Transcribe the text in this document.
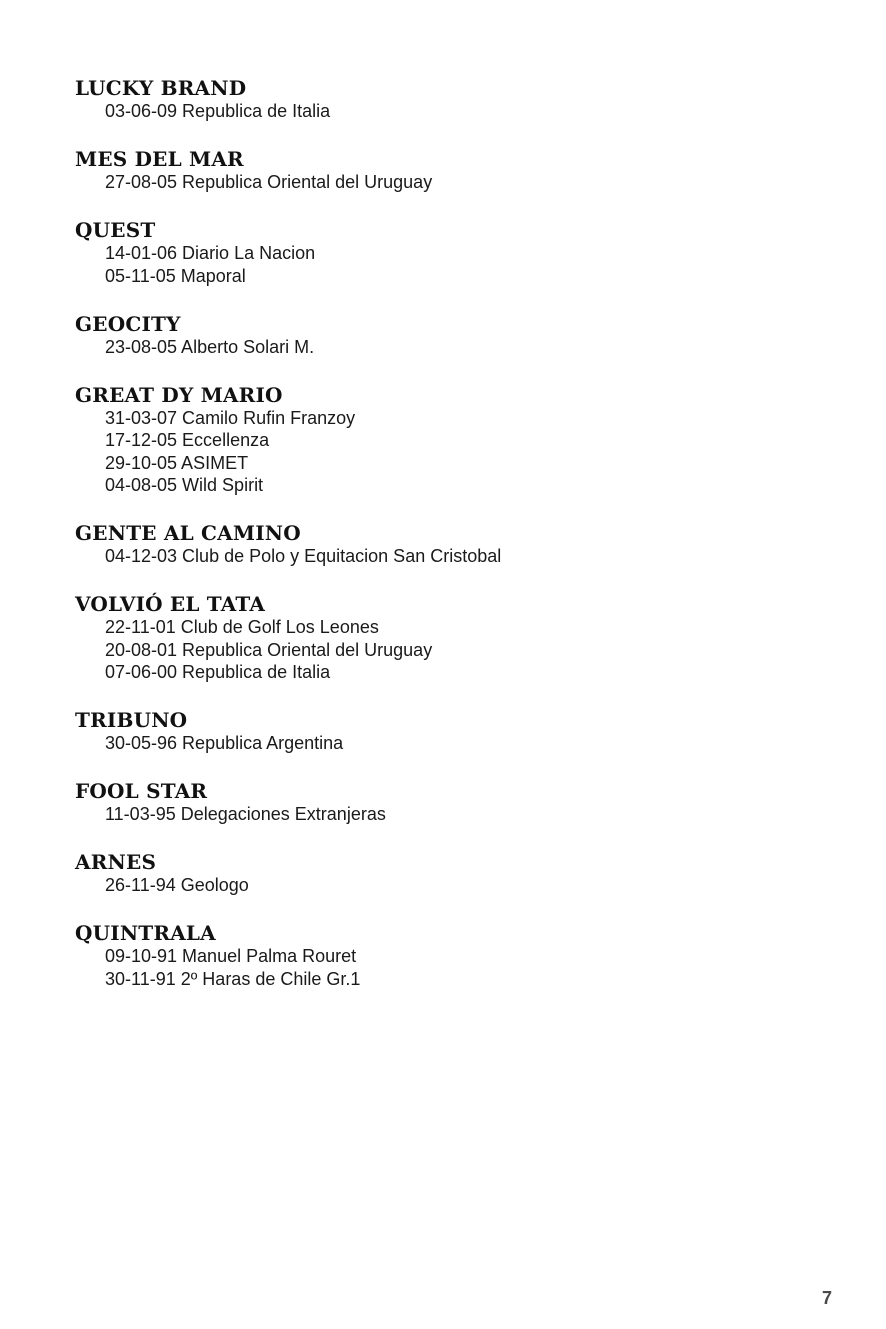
LUCKY BRAND
03-06-09 Republica de Italia
MES DEL MAR
27-08-05 Republica Oriental del Uruguay
QUEST
14-01-06 Diario La Nacion
05-11-05 Maporal
GEOCITY
23-08-05 Alberto Solari M.
GREAT DY MARIO
31-03-07 Camilo Rufin Franzoy
17-12-05 Eccellenza
29-10-05 ASIMET
04-08-05 Wild Spirit
GENTE AL CAMINO
04-12-03 Club de Polo y Equitacion San Cristobal
VOLVIÓ EL TATA
22-11-01 Club de Golf Los Leones
20-08-01 Republica Oriental del Uruguay
07-06-00 Republica de Italia
TRIBUNO
30-05-96 Republica Argentina
FOOL STAR
11-03-95 Delegaciones Extranjeras
ARNES
26-11-94 Geologo
QUINTRALA
09-10-91 Manuel Palma Rouret
30-11-91 2º Haras de Chile Gr.1
7
